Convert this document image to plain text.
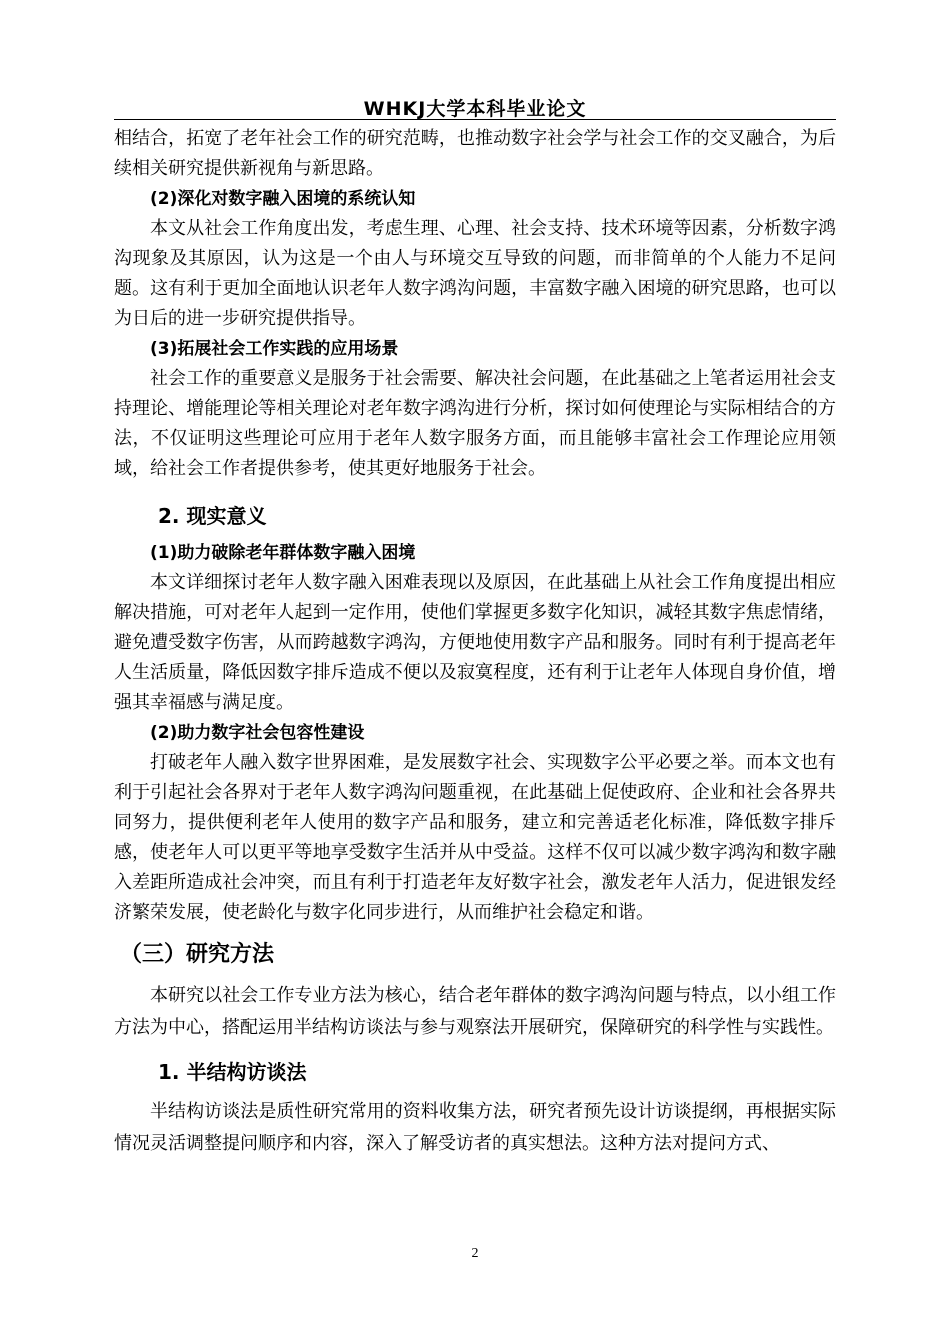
WHKJ大学本科毕业论文

相结合，拓宽了老年社会工作的研究范畴，也推动数字社会学与社会工作的交叉融合，为后续相关研究提供新视角与新思路。

(2)深化对数字融入困境的系统认知

本文从社会工作角度出发，考虑生理、心理、社会支持、技术环境等因素，分析数字鸿沟现象及其原因，认为这是一个由人与环境交互导致的问题，而非简单的个人能力不足问题。这有利于更加全面地认识老年人数字鸿沟问题，丰富数字融入困境的研究思路，也可以为日后的进一步研究提供指导。

(3)拓展社会工作实践的应用场景

社会工作的重要意义是服务于社会需要、解决社会问题，在此基础之上笔者运用社会支持理论、增能理论等相关理论对老年数字鸿沟进行分析，探讨如何使理论与实际相结合的方法，不仅证明这些理论可应用于老年人数字服务方面，而且能够丰富社会工作理论应用领域，给社会工作者提供参考，使其更好地服务于社会。

2. 现实意义
(1)助力破除老年群体数字融入困境

本文详细探讨老年人数字融入困难表现以及原因，在此基础上从社会工作角度提出相应解决措施，可对老年人起到一定作用，使他们掌握更多数字化知识，减轻其数字焦虑情绪，避免遭受数字伤害，从而跨越数字鸿沟，方便地使用数字产品和服务。同时有利于提高老年人生活质量，降低因数字排斥造成不便以及寂寞程度，还有利于让老年人体现自身价值，增强其幸福感与满足度。

(2)助力数字社会包容性建设

打破老年人融入数字世界困难，是发展数字社会、实现数字公平必要之举。而本文也有利于引起社会各界对于老年人数字鸿沟问题重视，在此基础上促使政府、企业和社会各界共同努力，提供便利老年人使用的数字产品和服务，建立和完善适老化标准，降低数字排斥感，使老年人可以更平等地享受数字生活并从中受益。这样不仅可以减少数字鸿沟和数字融入差距所造成社会冲突，而且有利于打造老年友好数字社会，激发老年人活力，促进银发经济繁荣发展，使老龄化与数字化同步进行，从而维护社会稳定和谐。

（三）研究方法

本研究以社会工作专业方法为核心，结合老年群体的数字鸿沟问题与特点，以小组工作方法为中心，搭配运用半结构访谈法与参与观察法开展研究，保障研究的科学性与实践性。

1. 半结构访谈法

半结构访谈法是质性研究常用的资料收集方法，研究者预先设计访谈提纲，再根据实际情况灵活调整提问顺序和内容，深入了解受访者的真实想法。这种方法对提问方式、

2
